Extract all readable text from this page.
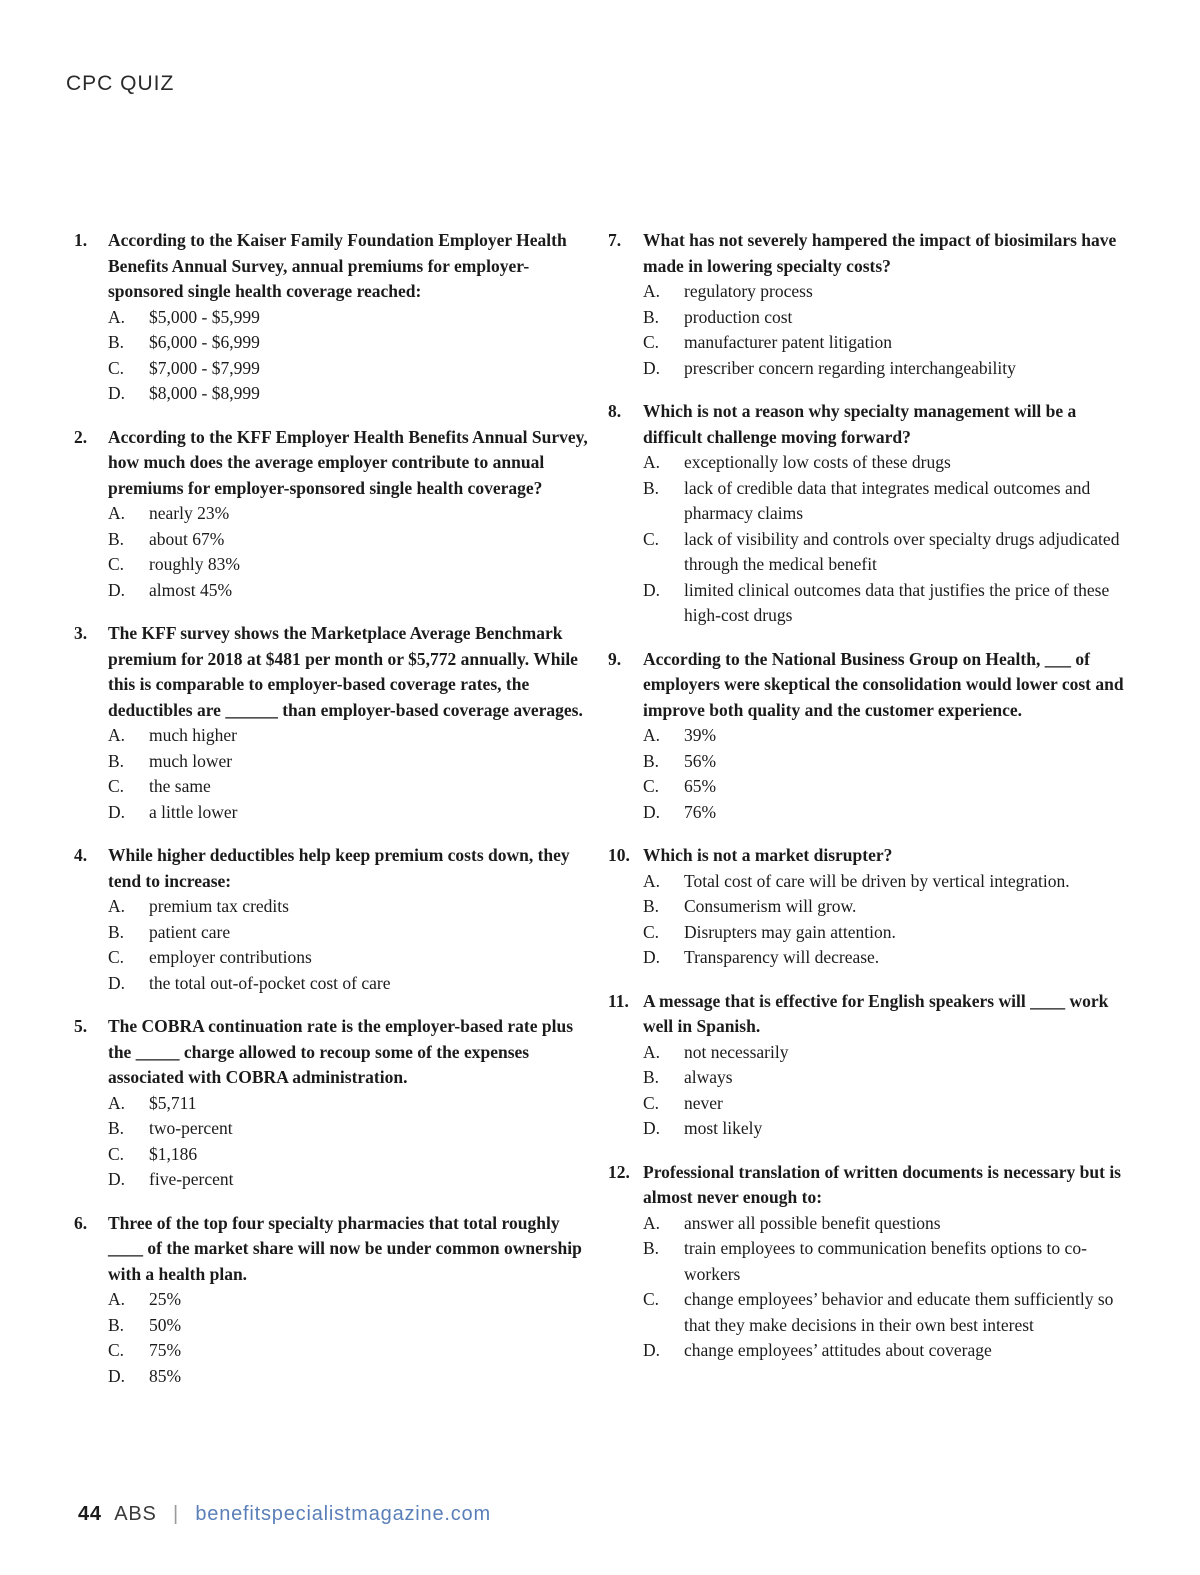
CPC QUIZ
1.	According to the Kaiser Family Foundation Employer Health Benefits Annual Survey, annual premiums for employer-sponsored single health coverage reached:
A.	$5,000 - $5,999
B.	$6,000 - $6,999
C.	$7,000 - $7,999
D.	$8,000 - $8,999
2.	According to the KFF Employer Health Benefits Annual Survey, how much does the average employer contribute to annual premiums for employer-sponsored single health coverage?
A.	nearly 23%
B.	about 67%
C.	roughly 83%
D.	almost 45%
3.	The KFF survey shows the Marketplace Average Benchmark premium for 2018 at $481 per month or $5,772 annually. While this is comparable to employer-based coverage rates, the deductibles are ______ than employer-based coverage averages.
A.	much higher
B.	much lower
C.	the same
D.	a little lower
4.	While higher deductibles help keep premium costs down, they tend to increase:
A.	premium tax credits
B.	patient care
C.	employer contributions
D.	the total out-of-pocket cost of care
5.	The COBRA continuation rate is the employer-based rate plus the _____ charge allowed to recoup some of the expenses associated with COBRA administration.
A.	$5,711
B.	two-percent
C.	$1,186
D.	five-percent
6.	Three of the top four specialty pharmacies that total roughly ____ of the market share will now be under common ownership with a health plan.
A.	25%
B.	50%
C.	75%
D.	85%
7.	What has not severely hampered the impact of biosimilars have made in lowering specialty costs?
A.	regulatory process
B.	production cost
C.	manufacturer patent litigation
D.	prescriber concern regarding interchangeability
8.	Which is not a reason why specialty management will be a difficult challenge moving forward?
A.	exceptionally low costs of these drugs
B.	lack of credible data that integrates medical outcomes and pharmacy claims
C.	lack of visibility and controls over specialty drugs adjudicated through the medical benefit
D.	limited clinical outcomes data that justifies the price of these high-cost drugs
9.	According to the National Business Group on Health, ___ of employers were skeptical the consolidation would lower cost and improve both quality and the customer experience.
A.	39%
B.	56%
C.	65%
D.	76%
10. Which is not a market disrupter?
A.	Total cost of care will be driven by vertical integration.
B.	Consumerism will grow.
C.	Disrupters may gain attention.
D.	Transparency will decrease.
11. A message that is effective for English speakers will ____ work well in Spanish.
A.	not necessarily
B.	always
C.	never
D.	most likely
12. Professional translation of written documents is necessary but is almost never enough to:
A.	answer all possible benefit questions
B.	train employees to communication benefits options to co-workers
C.	change employees’ behavior and educate them sufficiently so that they make decisions in their own best interest
D.	change employees’ attitudes about coverage
44 ABS | benefitspecialistmagazine.com
